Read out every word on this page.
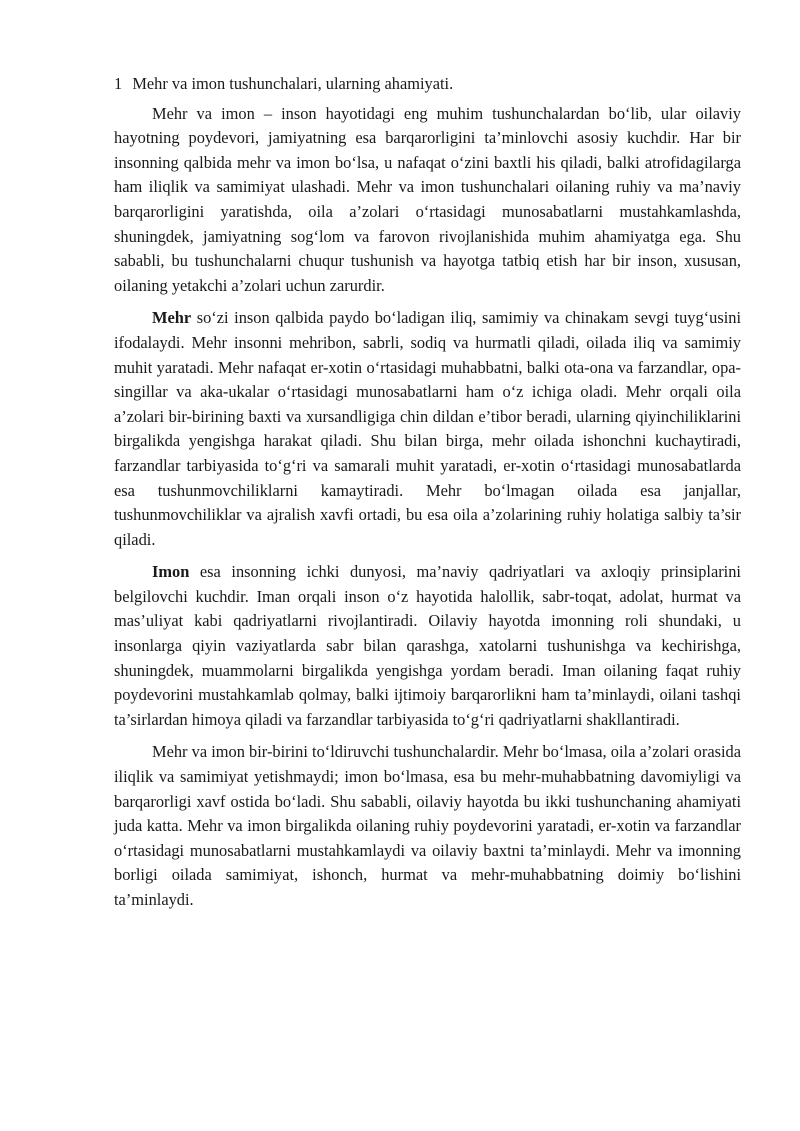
1 Mehr va imon tushunchalari, ularning ahamiyati.

Mehr va imon – inson hayotidagi eng muhim tushunchalardan bo‘lib, ular oilaviy hayotning poydevori, jamiyatning esa barqarorligini ta’minlovchi asosiy kuchdir. Har bir insonning qalbida mehr va imon bo‘lsa, u nafaqat o‘zini baxtli his qiladi, balki atrofidagilarga ham iliqlik va samimiyat ulashadi. Mehr va imon tushunchalari oilaning ruhiy va ma’naviy barqarorligini yaratishda, oila a’zolari o‘rtasidagi munosabatlarni mustahkamlashda, shuningdek, jamiyatning sog‘lom va farovon rivojlanishida muhim ahamiyatga ega. Shu sababli, bu tushunchalarni chuqur tushunish va hayotga tatbiq etish har bir inson, xususan, oilaning yetakchi a’zolari uchun zarurdir.

Mehr so‘zi inson qalbida paydo bo‘ladigan iliq, samimiy va chinakam sevgi tuyg‘usini ifodalaydi. Mehr insonni mehribon, sabrli, sodiq va hurmatli qiladi, oilada iliq va samimiy muhit yaratadi. Mehr nafaqat er-xotin o‘rtasidagi muhabbatni, balki ota-ona va farzandlar, opa-singillar va aka-ukalar o‘rtasidagi munosabatlarni ham o‘z ichiga oladi. Mehr orqali oila a’zolari bir-birining baxti va xursandligiga chin dildan e’tibor beradi, ularning qiyinchiliklarini birgalikda yengishga harakat qiladi. Shu bilan birga, mehr oilada ishonchni kuchaytiradi, farzandlar tarbiyasida to‘g‘ri va samarali muhit yaratadi, er-xotin o‘rtasidagi munosabatlarda esa tushunmovchiliklarni kamaytiradi. Mehr bo‘lmagan oilada esa janjallar, tushunmovchiliklar va ajralish xavfi ortadi, bu esa oila a’zolarining ruhiy holatiga salbiy ta’sir qiladi.

Imon esa insonning ichki dunyosi, ma’naviy qadriyatlari va axloqiy prinsiplarini belgilovchi kuchdir. Iman orqali inson o‘z hayotida halollik, sabr-toqat, adolat, hurmat va mas’uliyat kabi qadriyatlarni rivojlantiradi. Oilaviy hayotda imonning roli shundaki, u insonlarga qiyin vaziyatlarda sabr bilan qarashga, xatolarni tushunishga va kechirishga, shuningdek, muammolarni birgalikda yengishga yordam beradi. Iman oilaning faqat ruhiy poydevorini mustahkamlab qolmay, balki ijtimoiy barqarorlikni ham ta’minlaydi, oilani tashqi ta’sirlardan himoya qiladi va farzandlar tarbiyasida to‘g‘ri qadriyatlarni shakllantiradi.

Mehr va imon bir-birini to‘ldiruvchi tushunchalardir. Mehr bo‘lmasa, oila a’zolari orasida iliqlik va samimiyat yetishmaydi; imon bo‘lmasa, esa bu mehr-muhabbatning davomiyligi va barqarorligi xavf ostida bo‘ladi. Shu sababli, oilaviy hayotda bu ikki tushunchaning ahamiyati juda katta. Mehr va imon birgalikda oilaning ruhiy poydevorini yaratadi, er-xotin va farzandlar o‘rtasidagi munosabatlarni mustahkamlaydi va oilaviy baxtni ta’minlaydi. Mehr va imonning borligi oilada samimiyat, ishonch, hurmat va mehr-muhabbatning doimiy bo‘lishini ta’minlaydi.
